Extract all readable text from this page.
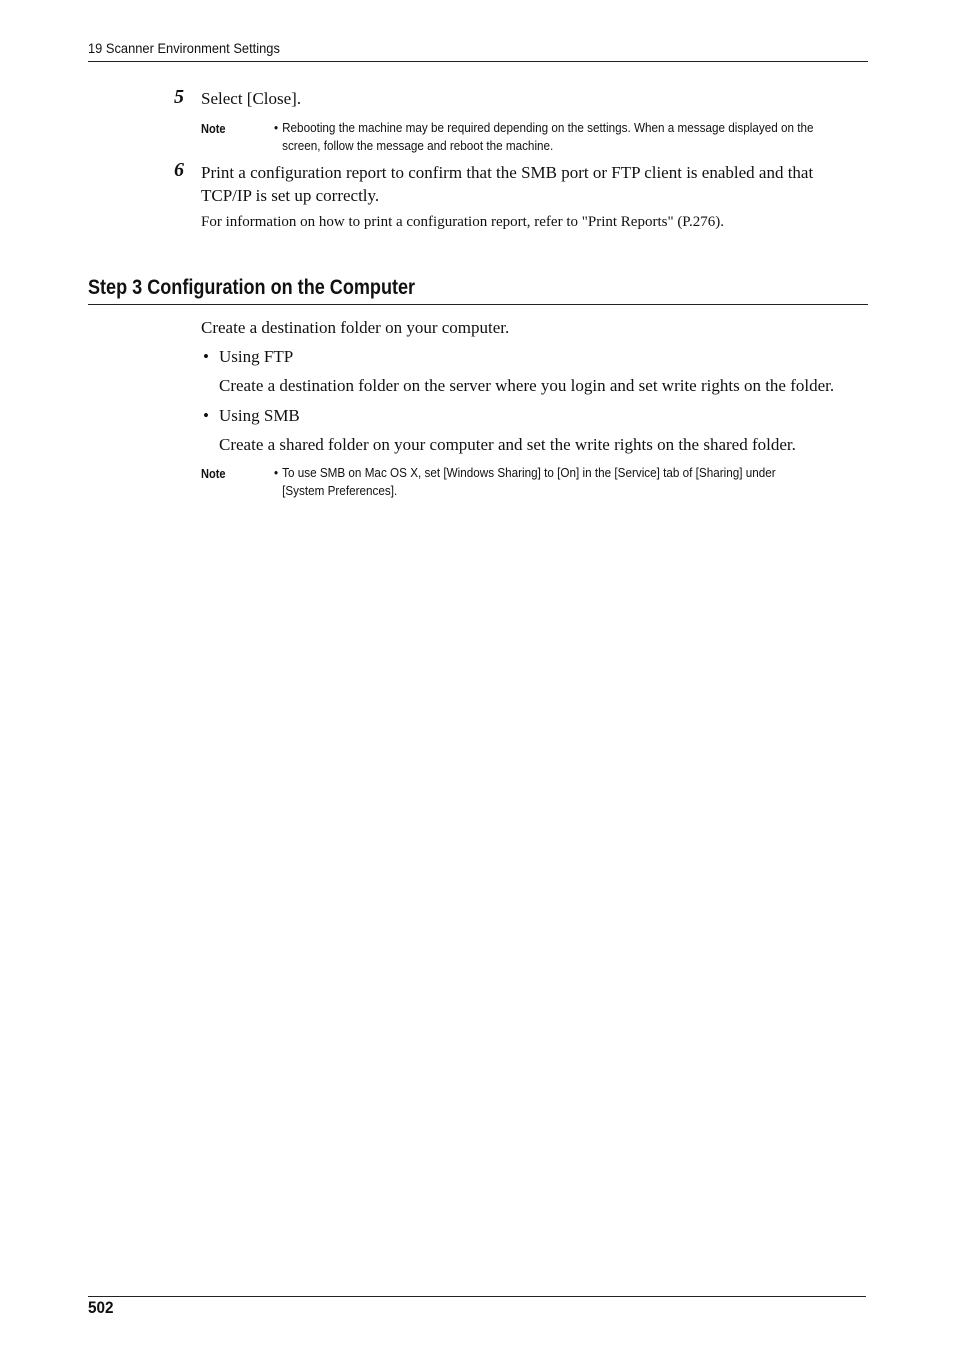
19 Scanner Environment Settings
5 Select [Close].
Note	• Rebooting the machine may be required depending on the settings. When a message displayed on the
screen, follow the message and reboot the machine.
6 Print a configuration report to confirm that the SMB port or FTP client is enabled and that
TCP/IP is set up correctly.
For information on how to print a configuration report, refer to "Print Reports" (P.276).
Step 3 Configuration on the Computer
Create a destination folder on your computer.
• Using FTP
Create a destination folder on the server where you login and set write rights on the folder.
• Using SMB
Create a shared folder on your computer and set the write rights on the shared folder.
Note	• To use SMB on Mac OS X, set [Windows Sharing] to [On] in the [Service] tab of [Sharing] under
[System Preferences].
502
